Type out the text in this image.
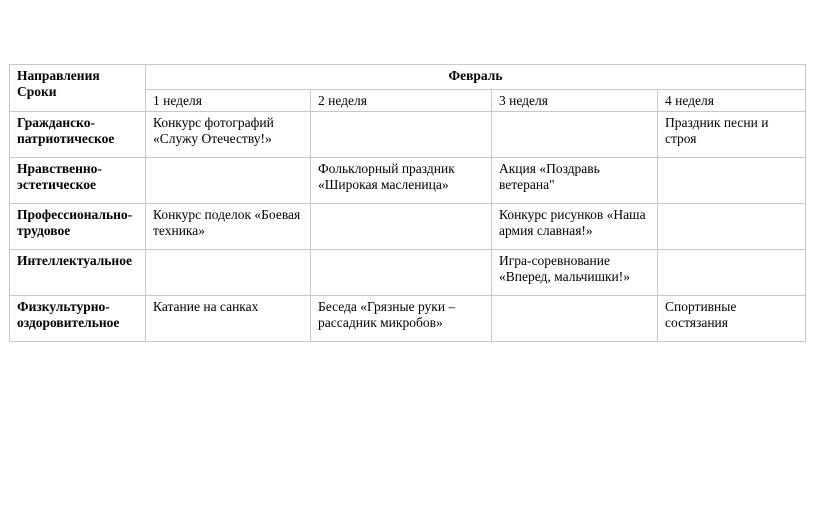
Направления
Сроки	Февраль			
	1 неделя	2 неделя	3 неделя	4 неделя
Гражданско-патриотическое	Конкурс фотографий «Служу Отечеству!»			Праздник песни и строя
Нравственно-эстетическое		Фольклорный праздник «Широкая масленица»	Акция «Поздравь ветерана"	
Профессионально-трудовое	Конкурс поделок «Боевая техника»		Конкурс рисунков «Наша армия славная!»	
Интеллектуальное			Игра-соревнование «Вперед, мальчишки!»	
Физкультурно-оздоровительное	Катание на санках	Беседа «Грязные руки – рассадник микробов»		Спортивные состязания
